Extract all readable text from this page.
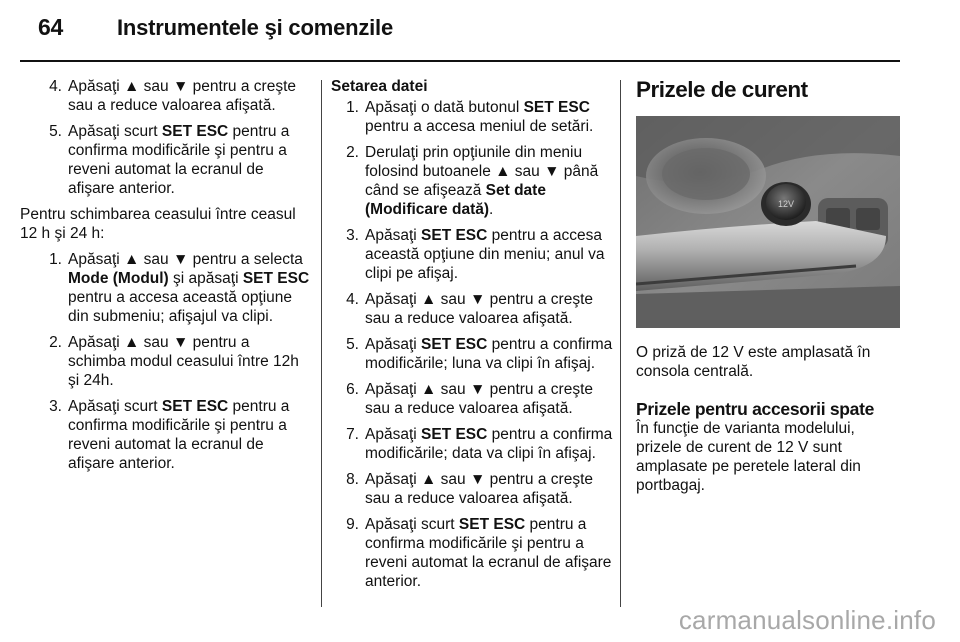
64 Instrumentele şi comenzile
4. Apăsaţi ▲ sau ▼ pentru a creşte sau a reduce valoarea afişată.
5. Apăsaţi scurt SET ESC pentru a confirma modificările şi pentru a reveni automat la ecranul de afişare anterior.

Pentru schimbarea ceasului între ceasul 12 h şi 24 h:

1. Apăsaţi ▲ sau ▼ pentru a selecta Mode (Modul) şi apăsaţi SET ESC pentru a accesa această opţiune din submeniu; afişajul va clipi.
2. Apăsaţi ▲ sau ▼ pentru a schimba modul ceasului între 12h şi 24h.
3. Apăsaţi scurt SET ESC pentru a confirma modificările şi pentru a reveni automat la ecranul de afişare anterior.
Setarea datei
1. Apăsaţi o dată butonul SET ESC pentru a accesa meniul de setări.
2. Derulaţi prin opţiunile din meniu folosind butoanele ▲ sau ▼ până când se afişează Set date (Modificare dată).
3. Apăsaţi SET ESC pentru a accesa această opţiune din meniu; anul va clipi pe afişaj.
4. Apăsaţi ▲ sau ▼ pentru a creşte sau a reduce valoarea afişată.
5. Apăsaţi SET ESC pentru a confirma modificările; luna va clipi în afişaj.
6. Apăsaţi ▲ sau ▼ pentru a creşte sau a reduce valoarea afişată.
7. Apăsaţi SET ESC pentru a confirma modificările; data va clipi în afişaj.
8. Apăsaţi ▲ sau ▼ pentru a creşte sau a reduce valoarea afişată.
9. Apăsaţi scurt SET ESC pentru a confirma modificările şi pentru a reveni automat la ecranul de afişare anterior.
Prizele de curent
12V

O priză de 12 V este amplasată în consola centrală.

Prizele pentru accesorii spate

În funcţie de varianta modelului, prizele de curent de 12 V sunt amplasate pe peretele lateral din portbagaj.

carmanualsonline.info
